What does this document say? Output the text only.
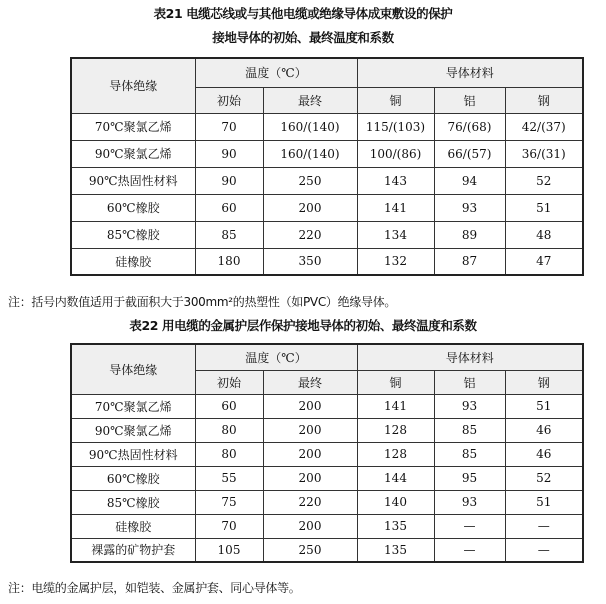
表21 电缆芯线或与其他电缆或绝缘导体成束敷设的保护
接地导体的初始、最终温度和系数
导体绝缘	温度（℃）		导体材料		
	初始	最终	铜	铝	钢
70℃聚氯乙烯	70	160/(140)	115/(103)	76/(68)	42/(37)
90℃聚氯乙烯	90	160/(140)	100/(86)	66/(57)	36/(31)
90℃热固性材料	90	250	143	94	52
60℃橡胶	60	200	141	93	51
85℃橡胶	85	220	134	89	48
硅橡胶	180	350	132	87	47
注：括号内数值适用于截面积大于300mm²的热塑性（如PVC）绝缘导体。
表22 用电缆的金属护层作保护接地导体的初始、最终温度和系数
导体绝缘	温度（℃）		导体材料		
	初始	最终	铜	铝	钢
70℃聚氯乙烯	60	200	141	93	51
90℃聚氯乙烯	80	200	128	85	46
90℃热固性材料	80	200	128	85	46
60℃橡胶	55	200	144	95	52
85℃橡胶	75	220	140	93	51
硅橡胶	70	200	135	—	—
裸露的矿物护套	105	250	135	—	—
注：电缆的金属护层，如铠装、金属护套、同心导体等。
